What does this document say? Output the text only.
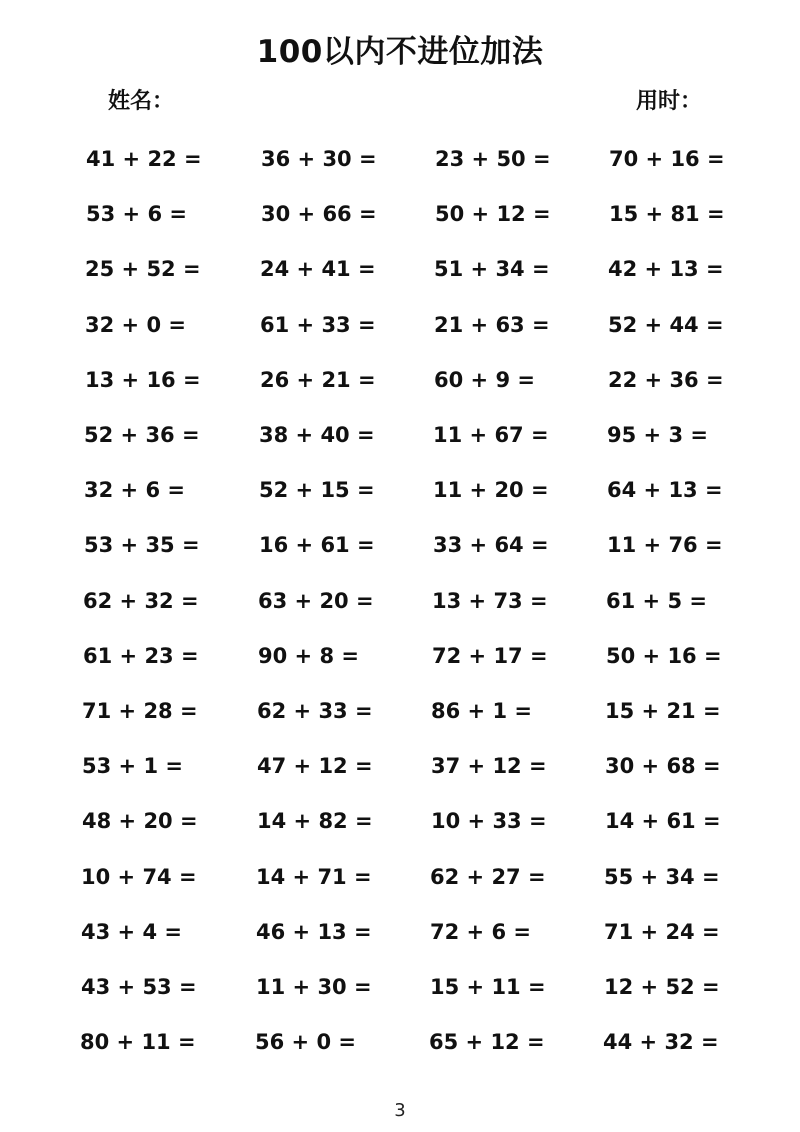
100以内不进位加法
姓名：	用时：
41 + 22 =	36 + 30 =	23 + 50 =	70 + 16 =
53 + 6 =	30 + 66 =	50 + 12 =	15 + 81 =
25 + 52 =	24 + 41 =	51 + 34 =	42 + 13 =
32 + 0 =	61 + 33 =	21 + 63 =	52 + 44 =
13 + 16 =	26 + 21 =	60 + 9 =	22 + 36 =
52 + 36 =	38 + 40 =	11 + 67 =	95 + 3 =
32 + 6 =	52 + 15 =	11 + 20 =	64 + 13 =
53 + 35 =	16 + 61 =	33 + 64 =	11 + 76 =
62 + 32 =	63 + 20 =	13 + 73 =	61 + 5 =
61 + 23 =	90 + 8 =	72 + 17 =	50 + 16 =
71 + 28 =	62 + 33 =	86 + 1 =	15 + 21 =
53 + 1 =	47 + 12 =	37 + 12 =	30 + 68 =
48 + 20 =	14 + 82 =	10 + 33 =	14 + 61 =
10 + 74 =	14 + 71 =	62 + 27 =	55 + 34 =
43 + 4 =	46 + 13 =	72 + 6 =	71 + 24 =
43 + 53 =	11 + 30 =	15 + 11 =	12 + 52 =
80 + 11 =	56 + 0 =	65 + 12 =	44 + 32 =
3
